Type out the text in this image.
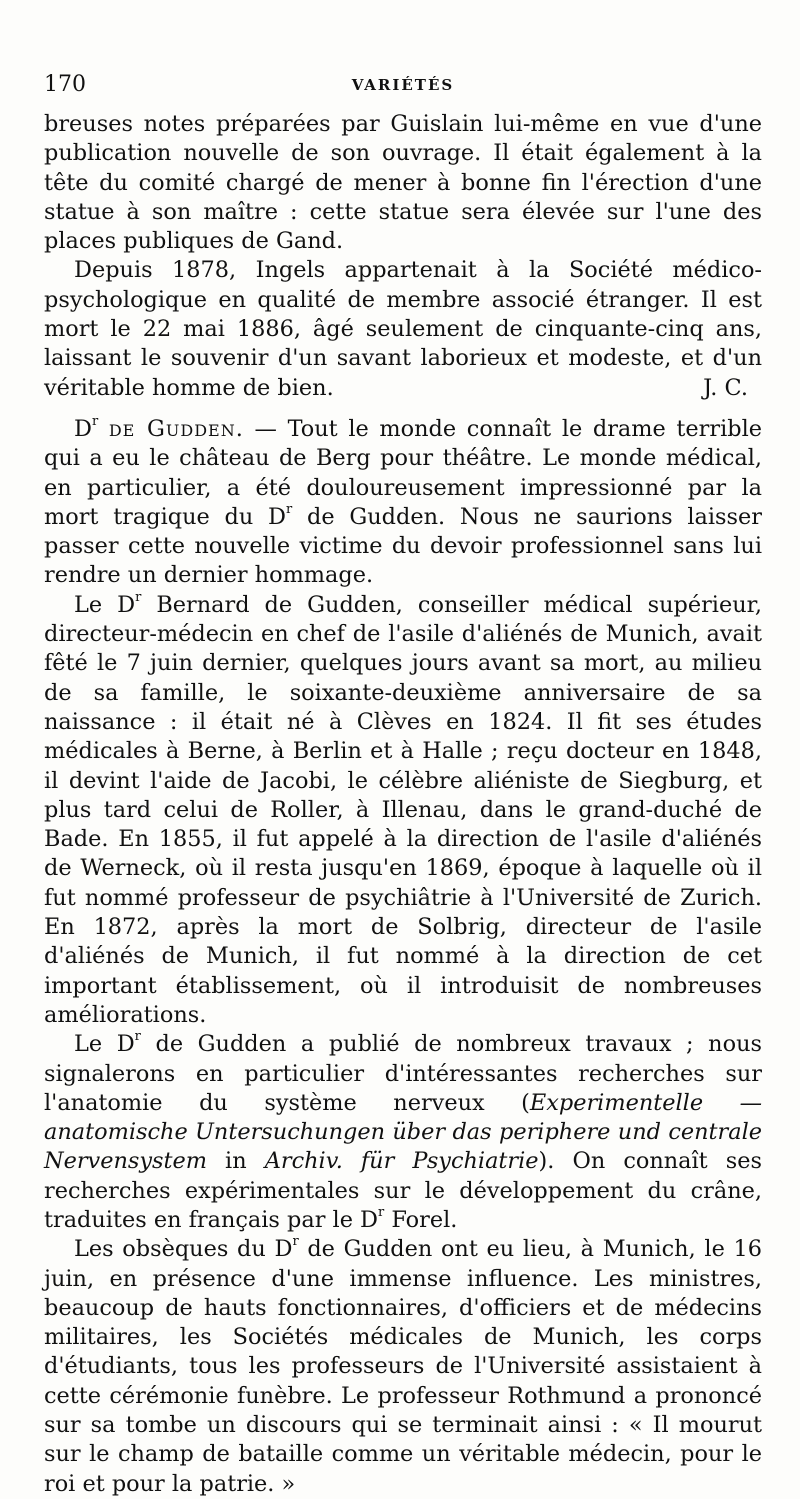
170	VARIÉTÉS

breuses notes préparées par Guislain lui-même en vue d'une publication nouvelle de son ouvrage. Il était également à la tête du comité chargé de mener à bonne fin l'érection d'une statue à son maître : cette statue sera élevée sur l'une des places publiques de Gand.

Depuis 1878, Ingels appartenait à la Société médico-psychologique en qualité de membre associé étranger. Il est mort le 22 mai 1886, âgé seulement de cinquante-cinq ans, laissant le souvenir d'un savant laborieux et modeste, et d'un véritable homme de bien.	J. C.

$D^r$ de Gudden. — Tout le monde connaît le drame terrible qui a eu le château de Berg pour théâtre. Le monde médical, en particulier, a été douloureusement impressionné par la mort tragique du $D^r$ de Gudden. Nous ne saurions laisser passer cette nouvelle victime du devoir professionnel sans lui rendre un dernier hommage.

Le $D^r$ Bernard de Gudden, conseiller médical supérieur, directeur-médecin en chef de l'asile d'aliénés de Munich, avait fêté le 7 juin dernier, quelques jours avant sa mort, au milieu de sa famille, le soixante-deuxième anniversaire de sa naissance : il était né à Clèves en 1824. Il fit ses études médicales à Berne, à Berlin et à Halle ; reçu docteur en 1848, il devint l'aide de Jacobi, le célèbre aliéniste de Siegburg, et plus tard celui de Roller, à Illenau, dans le grand-duché de Bade. En 1855, il fut appelé à la direction de l'asile d'aliénés de Werneck, où il resta jusqu'en 1869, époque à laquelle où il fut nommé professeur de psychiâtrie à l'Université de Zurich. En 1872, après la mort de Solbrig, directeur de l'asile d'aliénés de Munich, il fut nommé à la direction de cet important établissement, où il introduisit de nombreuses améliorations.

Le $D^r$ de Gudden a publié de nombreux travaux ; nous signalerons en particulier d'intéressantes recherches sur l'anatomie du système nerveux (Experimentelle — anatomische Untersuchungen über das periphere und centrale Nervensystem in Archiv. für Psychiatrie). On connaît ses recherches expérimentales sur le développement du crâne, traduites en français par le $D^r$ Forel.

Les obsèques du $D^r$ de Gudden ont eu lieu, à Munich, le 16 juin, en présence d'une immense influence. Les ministres, beaucoup de hauts fonctionnaires, d'officiers et de médecins militaires, les Sociétés médicales de Munich, les corps d'étudiants, tous les professeurs de l'Université assistaient à cette cérémonie funèbre. Le professeur Rothmund a prononcé sur sa tombe un discours qui se terminait ainsi : « Il mourut sur le champ de bataille comme un véritable médecin, pour le roi et pour la patrie. »
